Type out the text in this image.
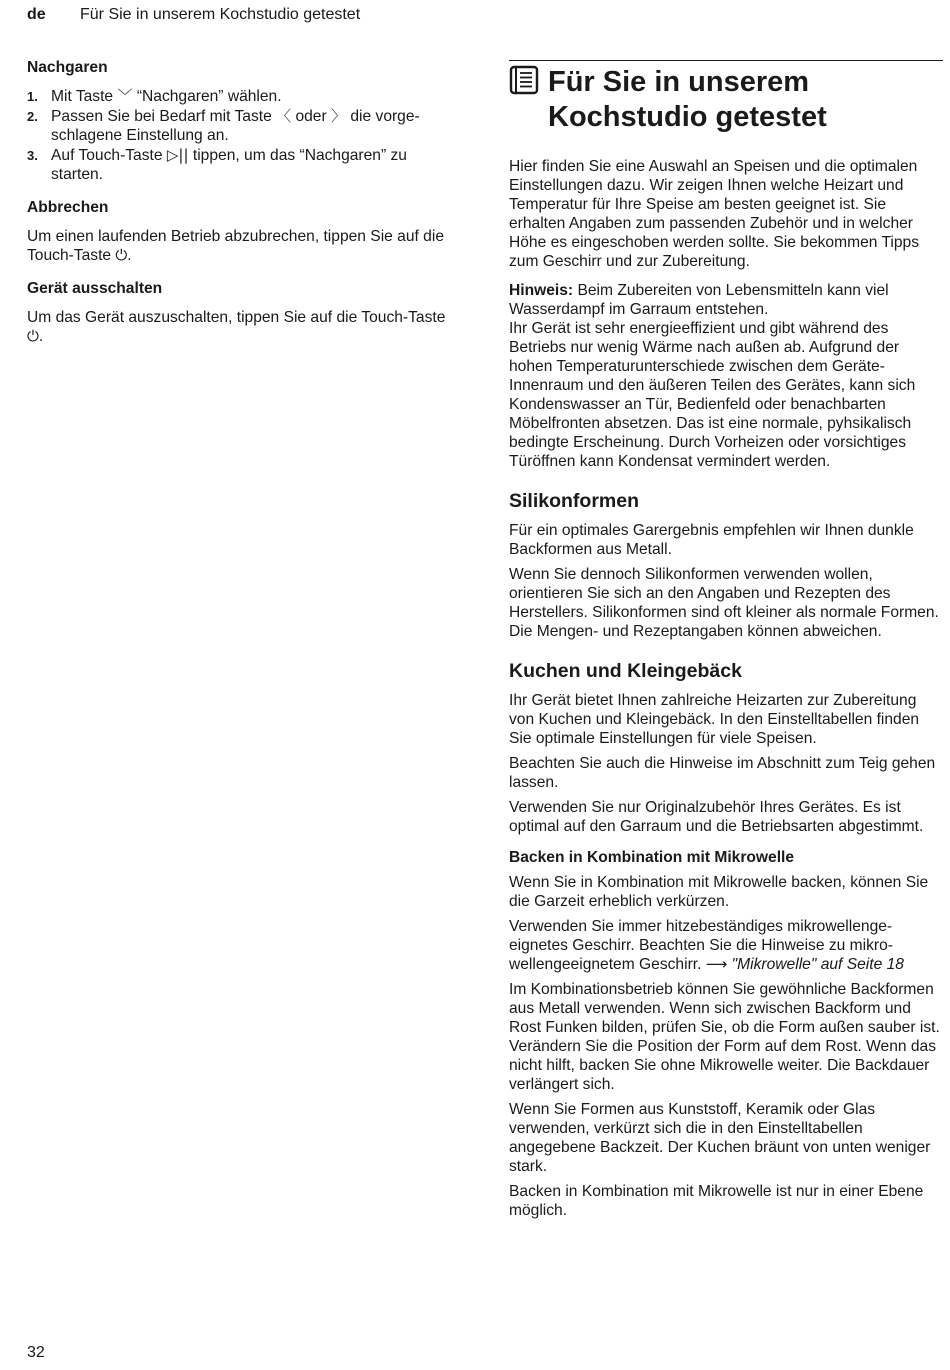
de Für Sie in unserem Kochstudio getestet
Nachgaren
1. Mit Taste ﹀ “Nachgaren” wählen.
2. Passen Sie bei Bedarf mit Taste 〈 oder 〉 die vorgeschlagene Einstellung an.
3. Auf Touch-Taste ▷|| tippen, um das “Nachgaren” zu starten.
Abbrechen

Um einen laufenden Betrieb abzubrechen, tippen Sie auf die Touch-Taste ⏻.

Gerät ausschalten

Um das Gerät auszuschalten, tippen Sie auf die Touch-Taste ⏻.

Für Sie in unserem Kochstudio getestet

Hier finden Sie eine Auswahl an Speisen und die optimalen Einstellungen dazu. Wir zeigen Ihnen welche Heizart und Temperatur für Ihre Speise am besten geeignet ist. Sie erhalten Angaben zum passenden Zubehör und in welcher Höhe es eingeschoben werden sollte. Sie bekommen Tipps zum Geschirr und zur Zubereitung.

Hinweis: Beim Zubereiten von Lebensmitteln kann viel Wasserdampf im Garraum entstehen.

Ihr Gerät ist sehr energieeffizient und gibt während des Betriebs nur wenig Wärme nach außen ab. Aufgrund der hohen Temperaturunterschiede zwischen dem Geräte-Innenraum und den äußeren Teilen des Gerätes, kann sich Kondenswasser an Tür, Bedienfeld oder benachbarten Möbelfronten absetzen. Das ist eine normale, pyhsikalisch bedingte Erscheinung. Durch Vorheizen oder vorsichtiges Türöffnen kann Kondensat vermindert werden.

Silikonformen

Für ein optimales Garergebnis empfehlen wir Ihnen dunkle Backformen aus Metall.

Wenn Sie dennoch Silikonformen verwenden wollen, orientieren Sie sich an den Angaben und Rezepten des Herstellers. Silikonformen sind oft kleiner als normale Formen. Die Mengen- und Rezeptangaben können abweichen.

Kuchen und Kleingebäck

Ihr Gerät bietet Ihnen zahlreiche Heizarten zur Zubereitung von Kuchen und Kleingebäck. In den Einstelltabellen finden Sie optimale Einstellungen für viele Speisen.

Beachten Sie auch die Hinweise im Abschnitt zum Teig gehen lassen.

Verwenden Sie nur Originalzubehör Ihres Gerätes. Es ist optimal auf den Garraum und die Betriebsarten abgestimmt.

Backen in Kombination mit Mikrowelle

Wenn Sie in Kombination mit Mikrowelle backen, können Sie die Garzeit erheblich verkürzen.

Verwenden Sie immer hitzebeständiges mikrowellengeeignetes Geschirr. Beachten Sie die Hinweise zu mikrowellengeeignetem Geschirr. ⟶ "Mikrowelle" auf Seite 18

Im Kombinationsbetrieb können Sie gewöhnliche Backformen aus Metall verwenden. Wenn sich zwischen Backform und Rost Funken bilden, prüfen Sie, ob die Form außen sauber ist. Verändern Sie die Position der Form auf dem Rost. Wenn das nicht hilft, backen Sie ohne Mikrowelle weiter. Die Backdauer verlängert sich.

Wenn Sie Formen aus Kunststoff, Keramik oder Glas verwenden, verkürzt sich die in den Einstelltabellen angegebene Backzeit. Der Kuchen bräunt von unten weniger stark.

Backen in Kombination mit Mikrowelle ist nur in einer Ebene möglich.

32
